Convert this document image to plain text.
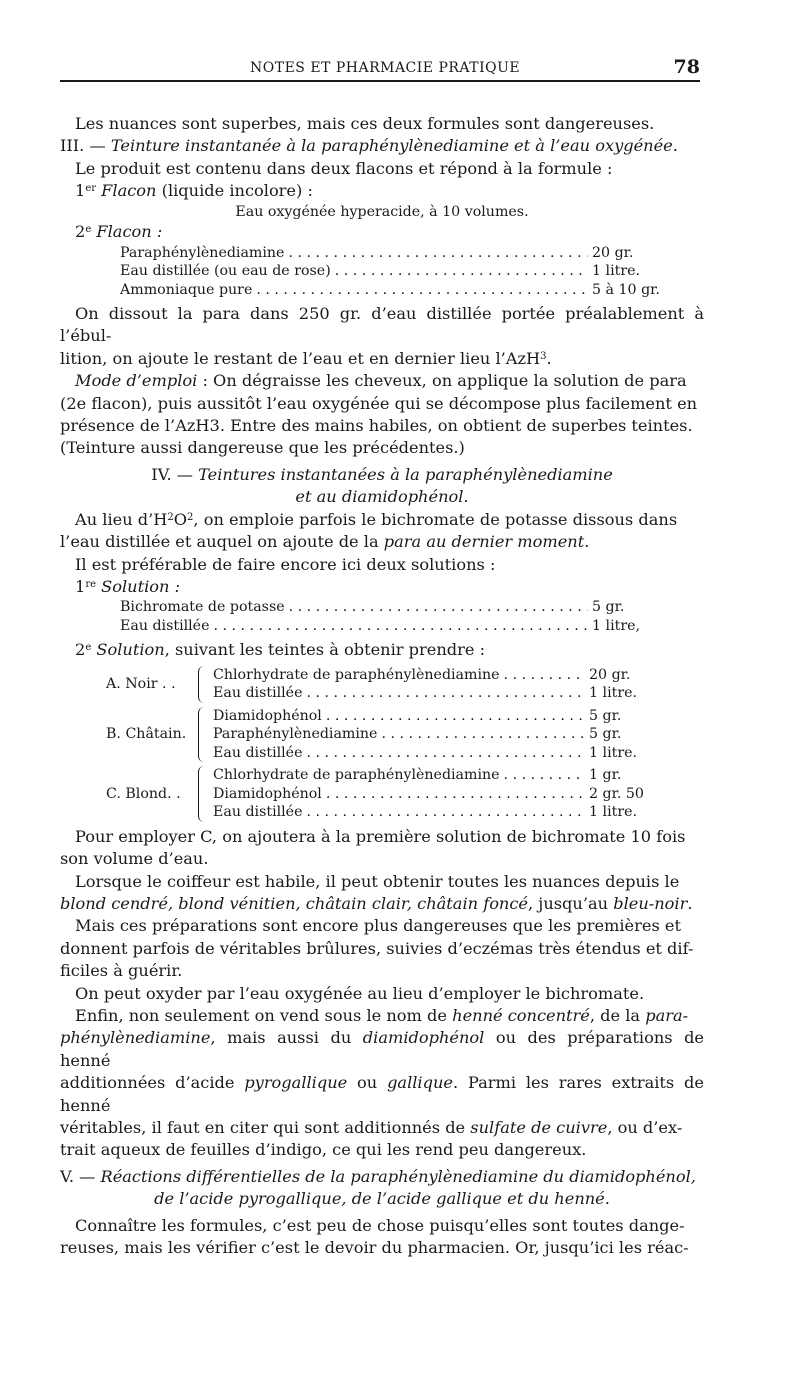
NOTES ET PHARMACIE PRATIQUE	78

Les nuances sont superbes, mais ces deux formules sont dangereuses.

III. — Teinture instantanée à la paraphénylènediamine et à l’eau oxygénée.

Le produit est contenu dans deux flacons et répond à la formule :

1er Flacon (liquide incolore) :

Eau oxygénée hyperacide, à 10 volumes.

2e Flacon :

Paraphénylènediamine . . .	20 gr.
Eau distillée (ou eau de rose) . . .	1 litre.
Ammoniaque pure . . .	5 à 10 gr.

On dissout la para dans 250 gr. d’eau distillée portée préalablement à l’ébul-

lition, on ajoute le restant de l’eau et en dernier lieu l’AzH$^3$.

Mode d’emploi : On dégraisse les cheveux, on applique la solution de para

(2e flacon), puis aussitôt l’eau oxygénée qui se décompose plus facilement en

présence de l’AzH3. Entre des mains habiles, on obtient de superbes teintes.

(Teinture aussi dangereuse que les précédentes.)

IV. — Teintures instantanées à la paraphénylènediamine

et au diamidophénol.

Au lieu $d’H^2O^2$, on emploie parfois le bichromate de potasse dissous dans

l’eau distillée et auquel on ajoute de la para au dernier moment.

Il est préférable de faire encore ici deux solutions :

1re Solution :

Bichromate de potasse . . .	5 gr.
Eau distillée . . .	1 litre,

2e Solution, suivant les teintes à obtenir prendre :

A. Noir . .
Chlorhydrate de paraphénylènediamine . . .	20 gr.
Eau distillée . . .	1 litre.
B. Châtain.
Diamidophénol . . .	5 gr.
Paraphénylènediamine . . .	5 gr.
Eau distillée . . .	1 litre.
C. Blond. .
Chlorhydrate de paraphénylènediamine . . .	1 gr.
Diamidophénol . . .	2 gr. 50
Eau distillée . . .	1 litre.

Pour employer C, on ajoutera à la première solution de bichromate 10 fois

son volume d’eau.

Lorsque le coiffeur est habile, il peut obtenir toutes les nuances depuis le

blond cendré, blond vénitien, châtain clair, châtain foncé, jusqu’au bleu-noir.

Mais ces préparations sont encore plus dangereuses que les premières et

donnent parfois de véritables brûlures, suivies d’eczémas très étendus et dif-

ficiles à guérir.

On peut oxyder par l’eau oxygénée au lieu d’employer le bichromate.

Enfin, non seulement on vend sous le nom de henné concentré, de la para-

phénylènediamine, mais aussi du diamidophénol ou des préparations de henné

additionnées d’acide pyrogallique ou gallique. Parmi les rares extraits de henné

véritables, il faut en citer qui sont additionnés de sulfate de cuivre, ou d’ex-

trait aqueux de feuilles d’indigo, ce qui les rend peu dangereux.

V. — Réactions différentielles de la paraphénylènediamine du diamidophénol,

de l’acide pyrogallique, de l’acide gallique et du henné.

Connaître les formules, c’est peu de chose puisqu’elles sont toutes dange-

reuses, mais les vérifier c’est le devoir du pharmacien. Or, jusqu’ici les réac-
